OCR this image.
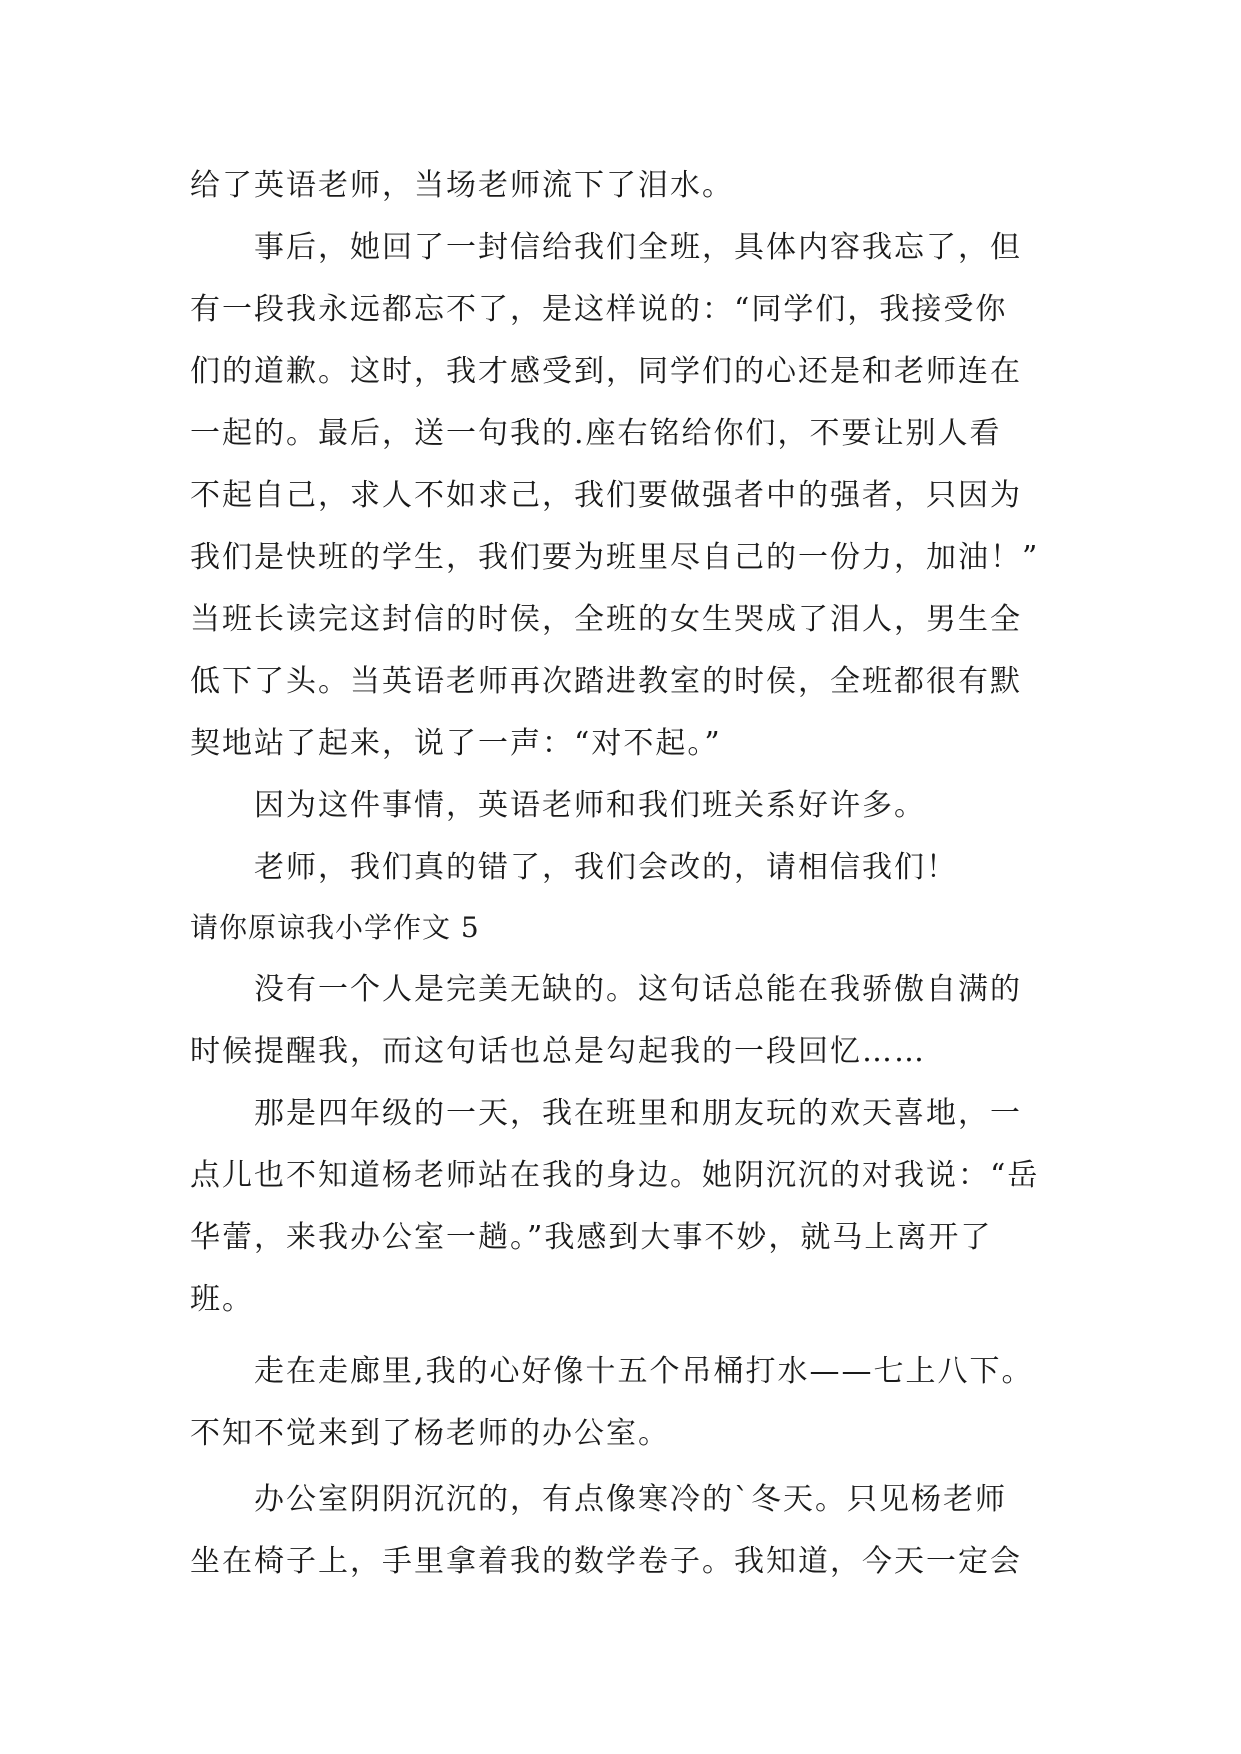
给了英语老师，当场老师流下了泪水。
事后，她回了一封信给我们全班，具体内容我忘了，但
有一段我永远都忘不了，是这样说的：“同学们，我接受你
们的道歉。这时，我才感受到，同学们的心还是和老师连在
一起的。最后，送一句我的.座右铭给你们，不要让别人看
不起自己，求人不如求己，我们要做强者中的强者，只因为
我们是快班的学生，我们要为班里尽自己的一份力，加油！”
当班长读完这封信的时侯，全班的女生哭成了泪人，男生全
低下了头。当英语老师再次踏进教室的时侯，全班都很有默
契地站了起来，说了一声：“对不起。”
因为这件事情，英语老师和我们班关系好许多。
老师，我们真的错了，我们会改的，请相信我们！
请你原谅我小学作文 5
没有一个人是完美无缺的。这句话总能在我骄傲自满的
时候提醒我，而这句话也总是勾起我的一段回忆……
那是四年级的一天，我在班里和朋友玩的欢天喜地，一
点儿也不知道杨老师站在我的身边。她阴沉沉的对我说：“岳
华蕾，来我办公室一趟。”我感到大事不妙，就马上离开了
班。
走在走廊里,我的心好像十五个吊桶打水——七上八下。
不知不觉来到了杨老师的办公室。
办公室阴阴沉沉的，有点像寒冷的`冬天。只见杨老师
坐在椅子上，手里拿着我的数学卷子。我知道，今天一定会
